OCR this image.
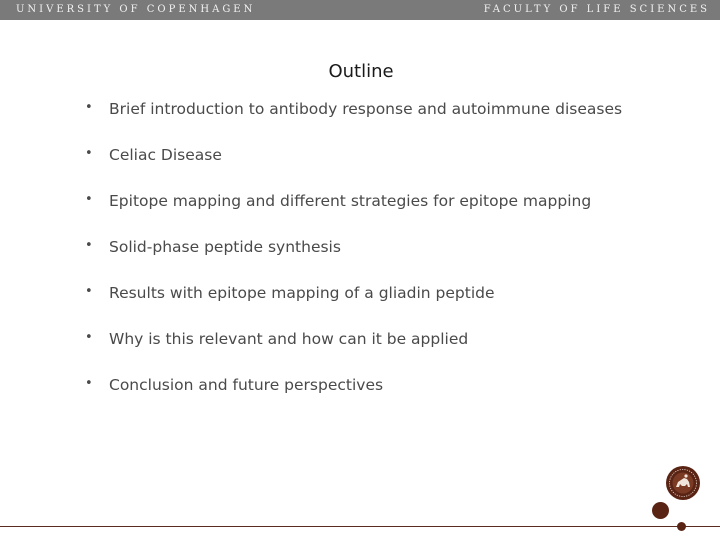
UNIVERSITY OF COPENHAGEN	FACULTY OF LIFE SCIENCES
Outline
• Brief introduction to antibody response and autoimmune diseases
• Celiac Disease
• Epitope mapping and different strategies for epitope mapping
• Solid-phase peptide synthesis
• Results with epitope mapping of a gliadin peptide
• Why is this relevant and how can it be applied
• Conclusion and future perspectives
